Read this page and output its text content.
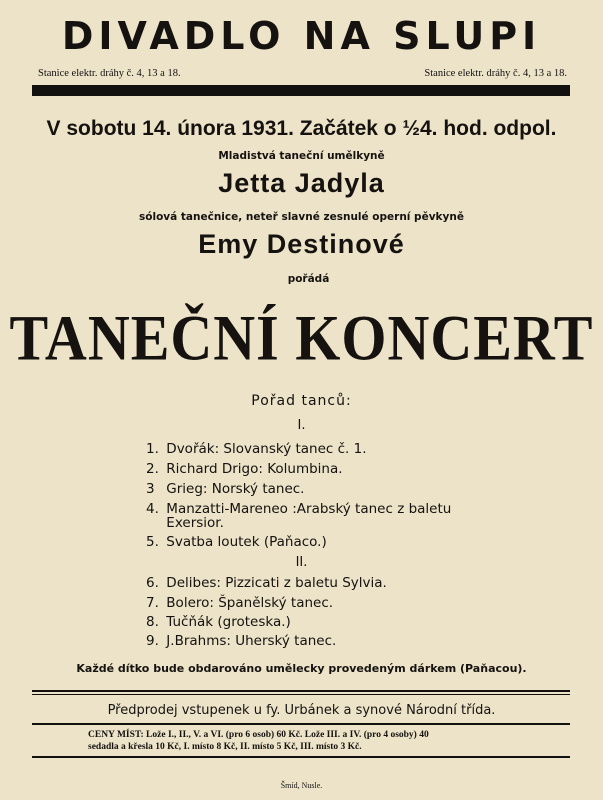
DIVADLO NA SLUPI
Stanice elektr. dráhy č. 4, 13 a 18.	Stanice elektr. dráhy č. 4, 13 a 18.
V sobotu 14. února 1931. Začátek o ½4. hod. odpol.
Mladistvá taneční umělkyně
Jetta Jadyla
sólová tanečnice, neteř slavné zesnulé operní pěvkyně
Emy Destinové
pořádá
TANEČNÍ KONCERT
Pořad tanců:
I.
1. Dvořák: Slovanský tanec č. 1.
2. Richard Drigo: Kolumbina.
3 Grieg: Norský tanec.
4. Manzatti-Mareneo :Arabský tanec z baletu
Exersior.
5. Svatba loutek (Paňaco.)
II.
6. Delibes: Pizzicati z baletu Sylvia.
7. Bolero: Španělský tanec.
8. Tučňák (groteska.)
9. J.Brahms: Uherský tanec.
Každé dítko bude obdarováno umělecky provedeným dárkem (Paňacou).
Předprodej vstupenek u fy. Urbánek a synové Národní třída.
CENY MÍST: Lože I., II., V. a VI. (pro 6 osob) 60 Kč. Lože III. a IV. (pro 4 osoby) 40
sedadla a křesla 10 Kč, I. místo 8 Kč, II. místo 5 Kč, III. místo 3 Kč.
Šmíd, Nusle.
